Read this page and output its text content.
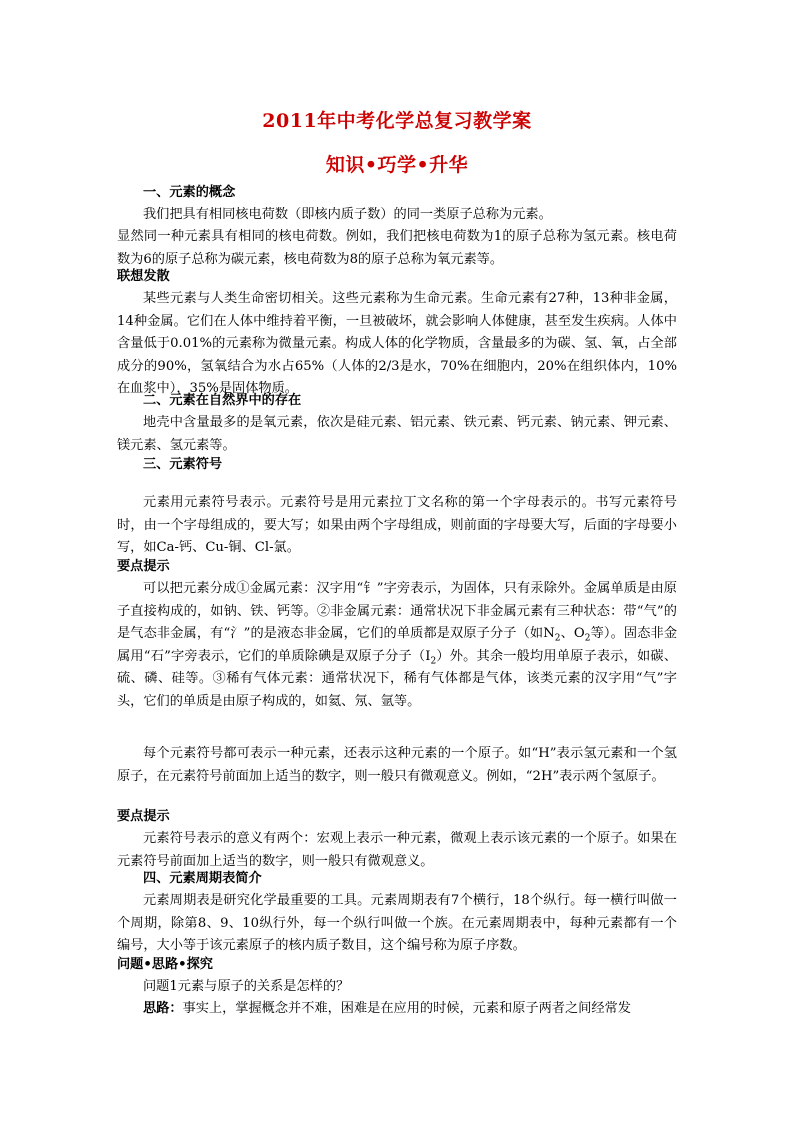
2011年中考化学总复习教学案
知识•巧学•升华

一、元素的概念

我们把具有相同核电荷数（即核内质子数）的同一类原子总称为元素。

显然同一种元素具有相同的核电荷数。例如，我们把核电荷数为1的原子总称为氢元素。核电荷数为6的原子总称为碳元素，核电荷数为8的原子总称为氧元素等。

联想发散

某些元素与人类生命密切相关。这些元素称为生命元素。生命元素有27种，13种非金属，14种金属。它们在人体中维持着平衡，一旦被破坏，就会影响人体健康，甚至发生疾病。人体中含量低于0.01%的元素称为微量元素。构成人体的化学物质，含量最多的为碳、氢、氧，占全部成分的90%，氢氧结合为水占65%（人体的2/3是水，70%在细胞内，20%在组织体内，10%在血浆中），35%是固体物质。

二、元素在自然界中的存在

地壳中含量最多的是氧元素，依次是硅元素、铝元素、铁元素、钙元素、钠元素、钾元素、镁元素、氢元素等。

三、元素符号

元素用元素符号表示。元素符号是用元素拉丁文名称的第一个字母表示的。书写元素符号时，由一个字母组成的，要大写；如果由两个字母组成，则前面的字母要大写，后面的字母要小写，如Ca-钙、Cu-铜、Cl-氯。

要点提示

可以把元素分成①金属元素：汉字用“钅”字旁表示，为固体，只有汞除外。金属单质是由原子直接构成的，如钠、铁、钙等。②非金属元素：通常状况下非金属元素有三种状态：带“气”的是气态非金属，有“氵”的是液态非金属，它们的单质都是双原子分子（如$N_2$、$O_2$等）。固态非金属用“石”字旁表示，它们的单质除碘是双原子分子$(I_2)$外。其余一般均用单原子表示，如碳、硫、磷、硅等。③稀有气体元素：通常状况下，稀有气体都是气体，该类元素的汉字用“气”字头，它们的单质是由原子构成的，如氦、氖、氩等。

每个元素符号都可表示一种元素，还表示这种元素的一个原子。如“H”表示氢元素和一个氢原子，在元素符号前面加上适当的数字，则一般只有微观意义。例如，“2H”表示两个氢原子。

要点提示

元素符号表示的意义有两个：宏观上表示一种元素，微观上表示该元素的一个原子。如果在元素符号前面加上适当的数字，则一般只有微观意义。

四、元素周期表简介

元素周期表是研究化学最重要的工具。元素周期表有7个横行，18个纵行。每一横行叫做一个周期，除第8、9、10纵行外，每一个纵行叫做一个族。在元素周期表中，每种元素都有一个编号，大小等于该元素原子的核内质子数目，这个编号称为原子序数。

问题•思路•探究

问题1元素与原子的关系是怎样的？

思路：事实上，掌握概念并不难，困难是在应用的时候，元素和原子两者之间经常发
